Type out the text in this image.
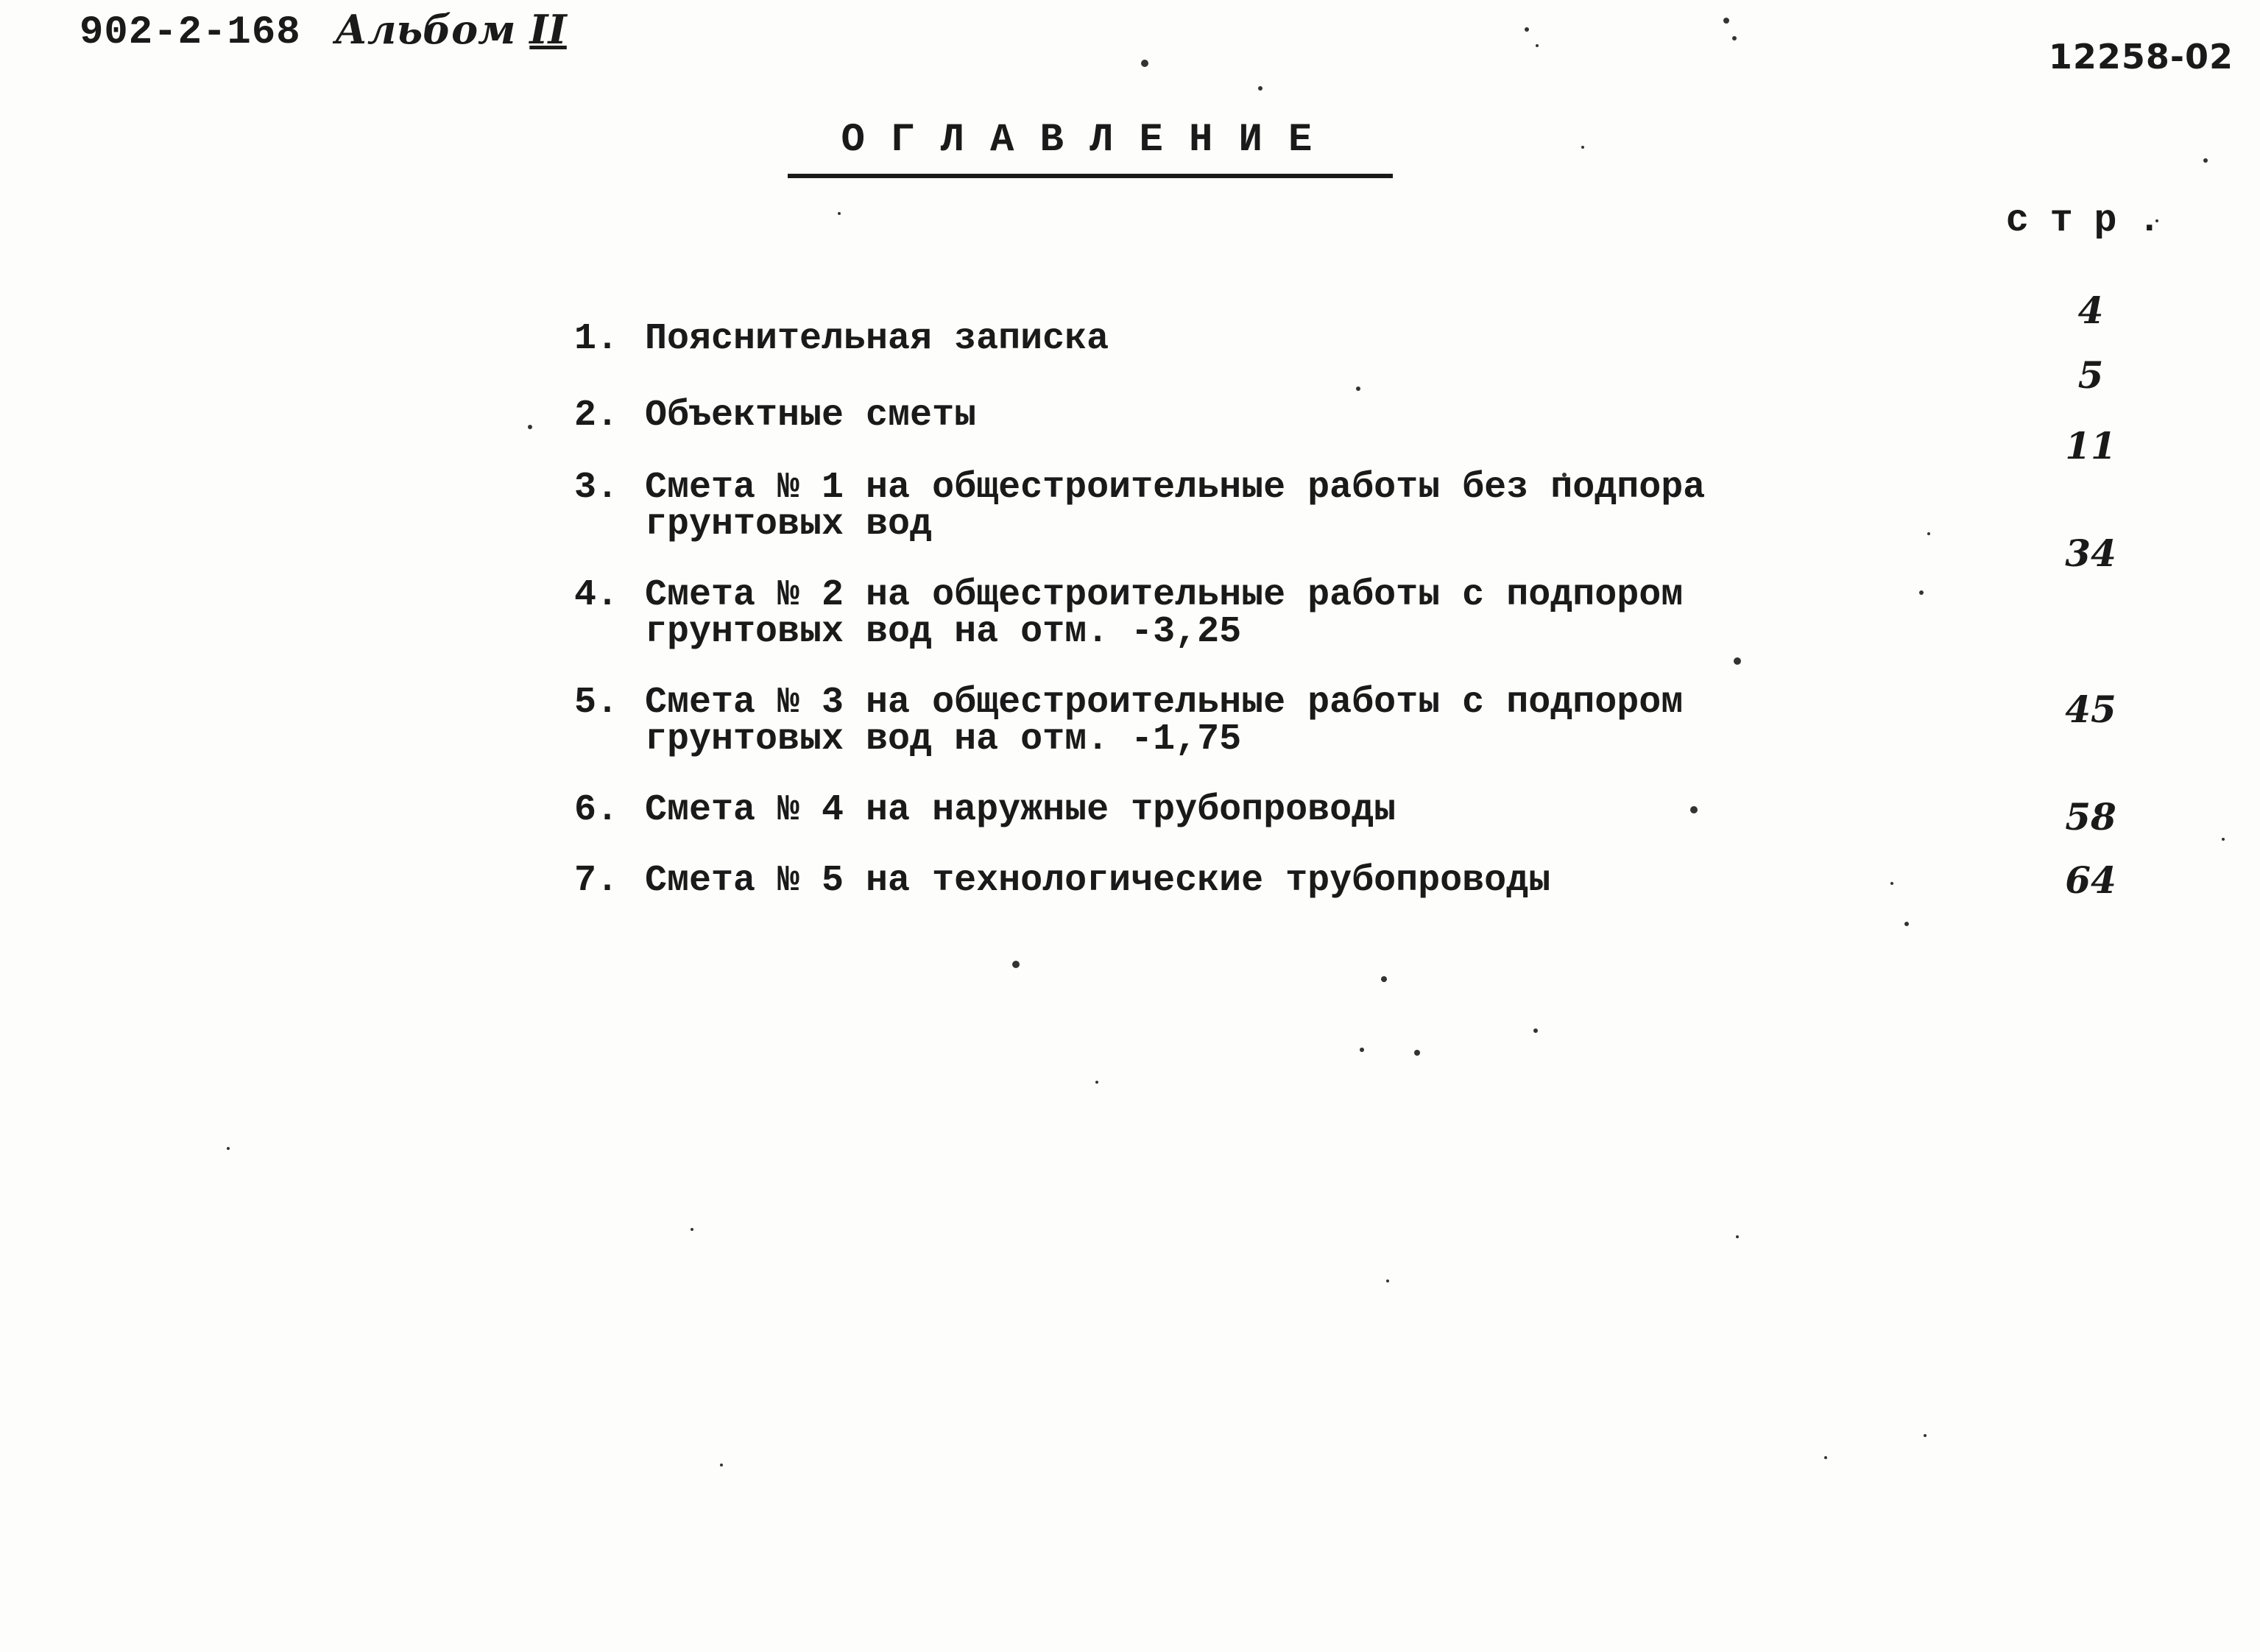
902-2-168 Альбом II
12258-02
ОГЛАВЛЕНИЕ
стр.
1. Пояснительная записка
2. Объектные сметы
3. Смета № 1 на общестроительные работы без подпора
грунтовых вод
4. Смета № 2 на общестроительные работы с подпором
грунтовых вод на отм. -3,25
5. Смета № 3 на общестроительные работы с подпором
грунтовых вод на отм. -1,75
6. Смета № 4 на наружные трубопроводы
7. Смета № 5 на технологические трубопроводы
4
5
11
34
45
58
64
